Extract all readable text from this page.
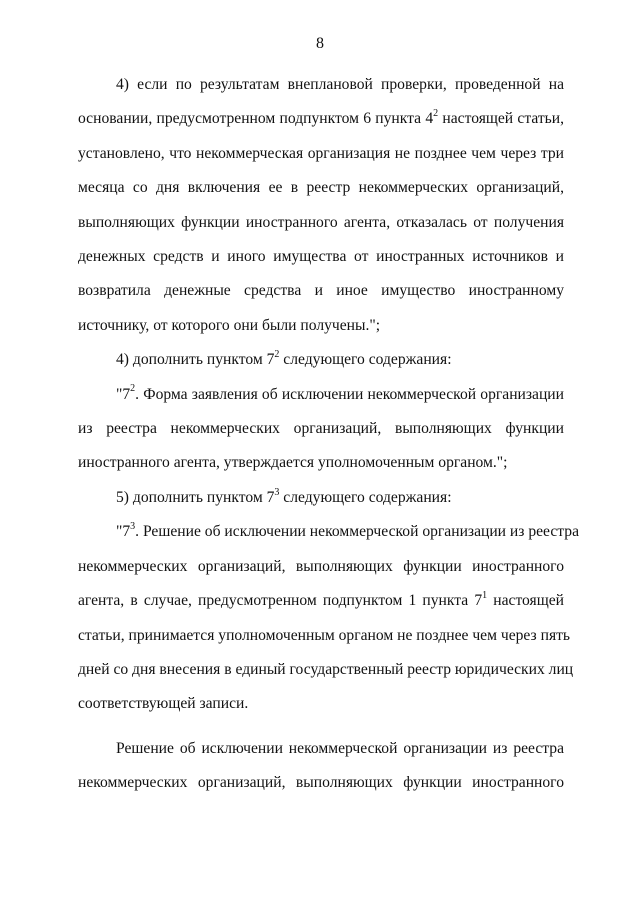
8
4) если по результатам внеплановой проверки, проведенной на
основании, предусмотренном подпунктом 6 пункта $4^2$ настоящей статьи,
установлено, что некоммерческая организация не позднее чем через три
месяца со дня включения ее в реестр некоммерческих организаций,
выполняющих функции иностранного агента, отказалась от получения
денежных средств и иного имущества от иностранных источников и
возвратила денежные средства и иное имущество иностранному
источнику, от которого они были получены.";
4) дополнить пунктом $7^2$ следующего содержания:
"$7^2$. Форма заявления об исключении некоммерческой организации
из реестра некоммерческих организаций, выполняющих функции
иностранного агента, утверждается уполномоченным органом.";
5) дополнить пунктом $7^3$ следующего содержания:
"$7^3$. Решение об исключении некоммерческой организации из реестра
некоммерческих организаций, выполняющих функции иностранного
агента, в случае, предусмотренном подпунктом 1 пункта $7^1$ настоящей
статьи, принимается уполномоченным органом не позднее чем через пять
дней со дня внесения в единый государственный реестр юридических лиц
соответствующей записи.
Решение об исключении некоммерческой организации из реестра
некоммерческих организаций, выполняющих функции иностранного
